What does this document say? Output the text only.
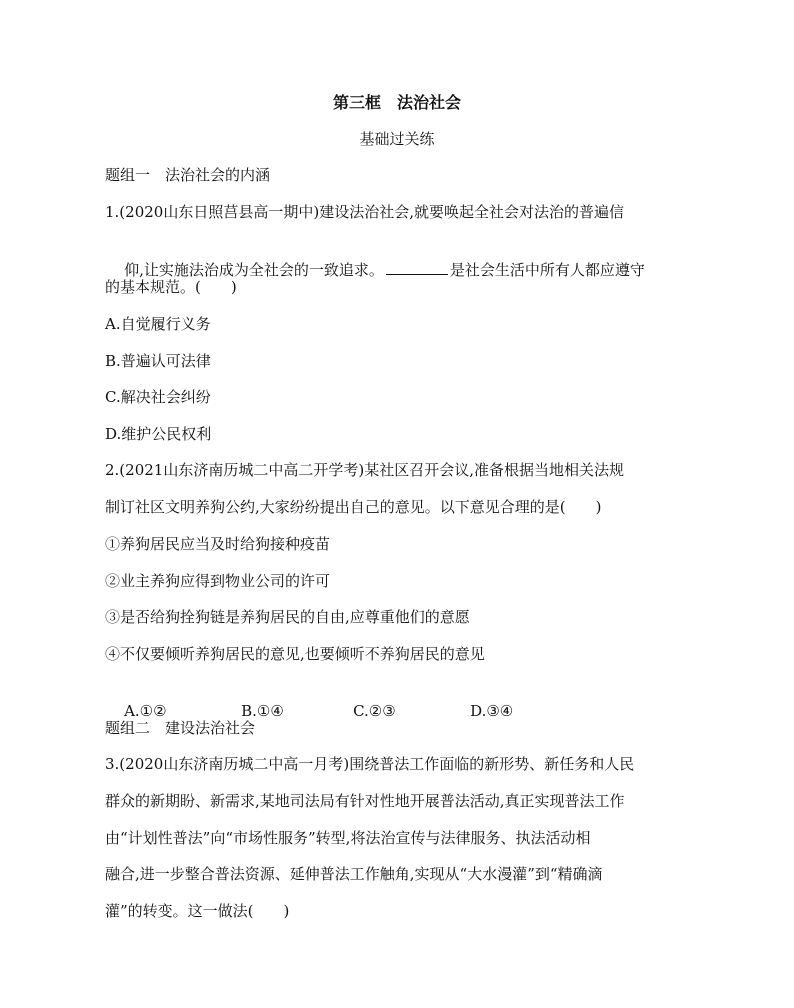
第三框　法治社会
基础过关练
题组一　法治社会的内涵
1.(2020山东日照莒县高一期中)建设法治社会,就要唤起全社会对法治的普遍信

仰,让实施法治成为全社会的一致追求。	是社会生活中所有人都应遵守

的基本规范。(　　)
A.自觉履行义务
B.普遍认可法律
C.解决社会纠纷
D.维护公民权利
2.(2021山东济南历城二中高二开学考)某社区召开会议,准备根据当地相关法规
制订社区文明养狗公约,大家纷纷提出自己的意见。以下意见合理的是(　　)
①养狗居民应当及时给狗接种疫苗
②业主养狗应得到物业公司的许可
③是否给狗拴狗链是养狗居民的自由,应尊重他们的意愿
④不仅要倾听养狗居民的意见,也要倾听不养狗居民的意见

A.①②	B.①④	C.②③	D.③④

题组二　建设法治社会
3.(2020山东济南历城二中高一月考)围绕普法工作面临的新形势、新任务和人民
群众的新期盼、新需求,某地司法局有针对性地开展普法活动,真正实现普法工作
由“计划性普法”向“市场性服务”转型,将法治宣传与法律服务、执法活动相
融合,进一步整合普法资源、延伸普法工作触角,实现从“大水漫灌”到“精确滴
灌”的转变。这一做法(　　)
